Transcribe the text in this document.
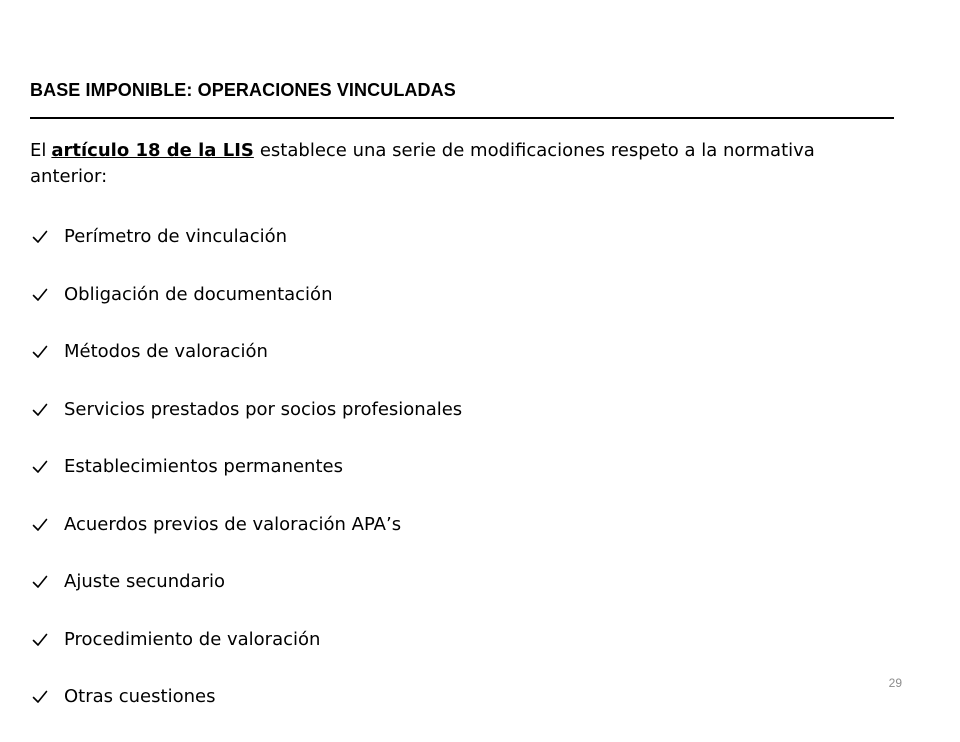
BASE IMPONIBLE: OPERACIONES VINCULADAS

El artículo 18 de la LIS establece una serie de modificaciones respeto a la normativa anterior:

Perímetro de vinculación
Obligación de documentación
Métodos de valoración
Servicios prestados por socios profesionales
Establecimientos permanentes
Acuerdos previos de valoración APA’s
Ajuste secundario
Procedimiento de valoración
Otras cuestiones
29
